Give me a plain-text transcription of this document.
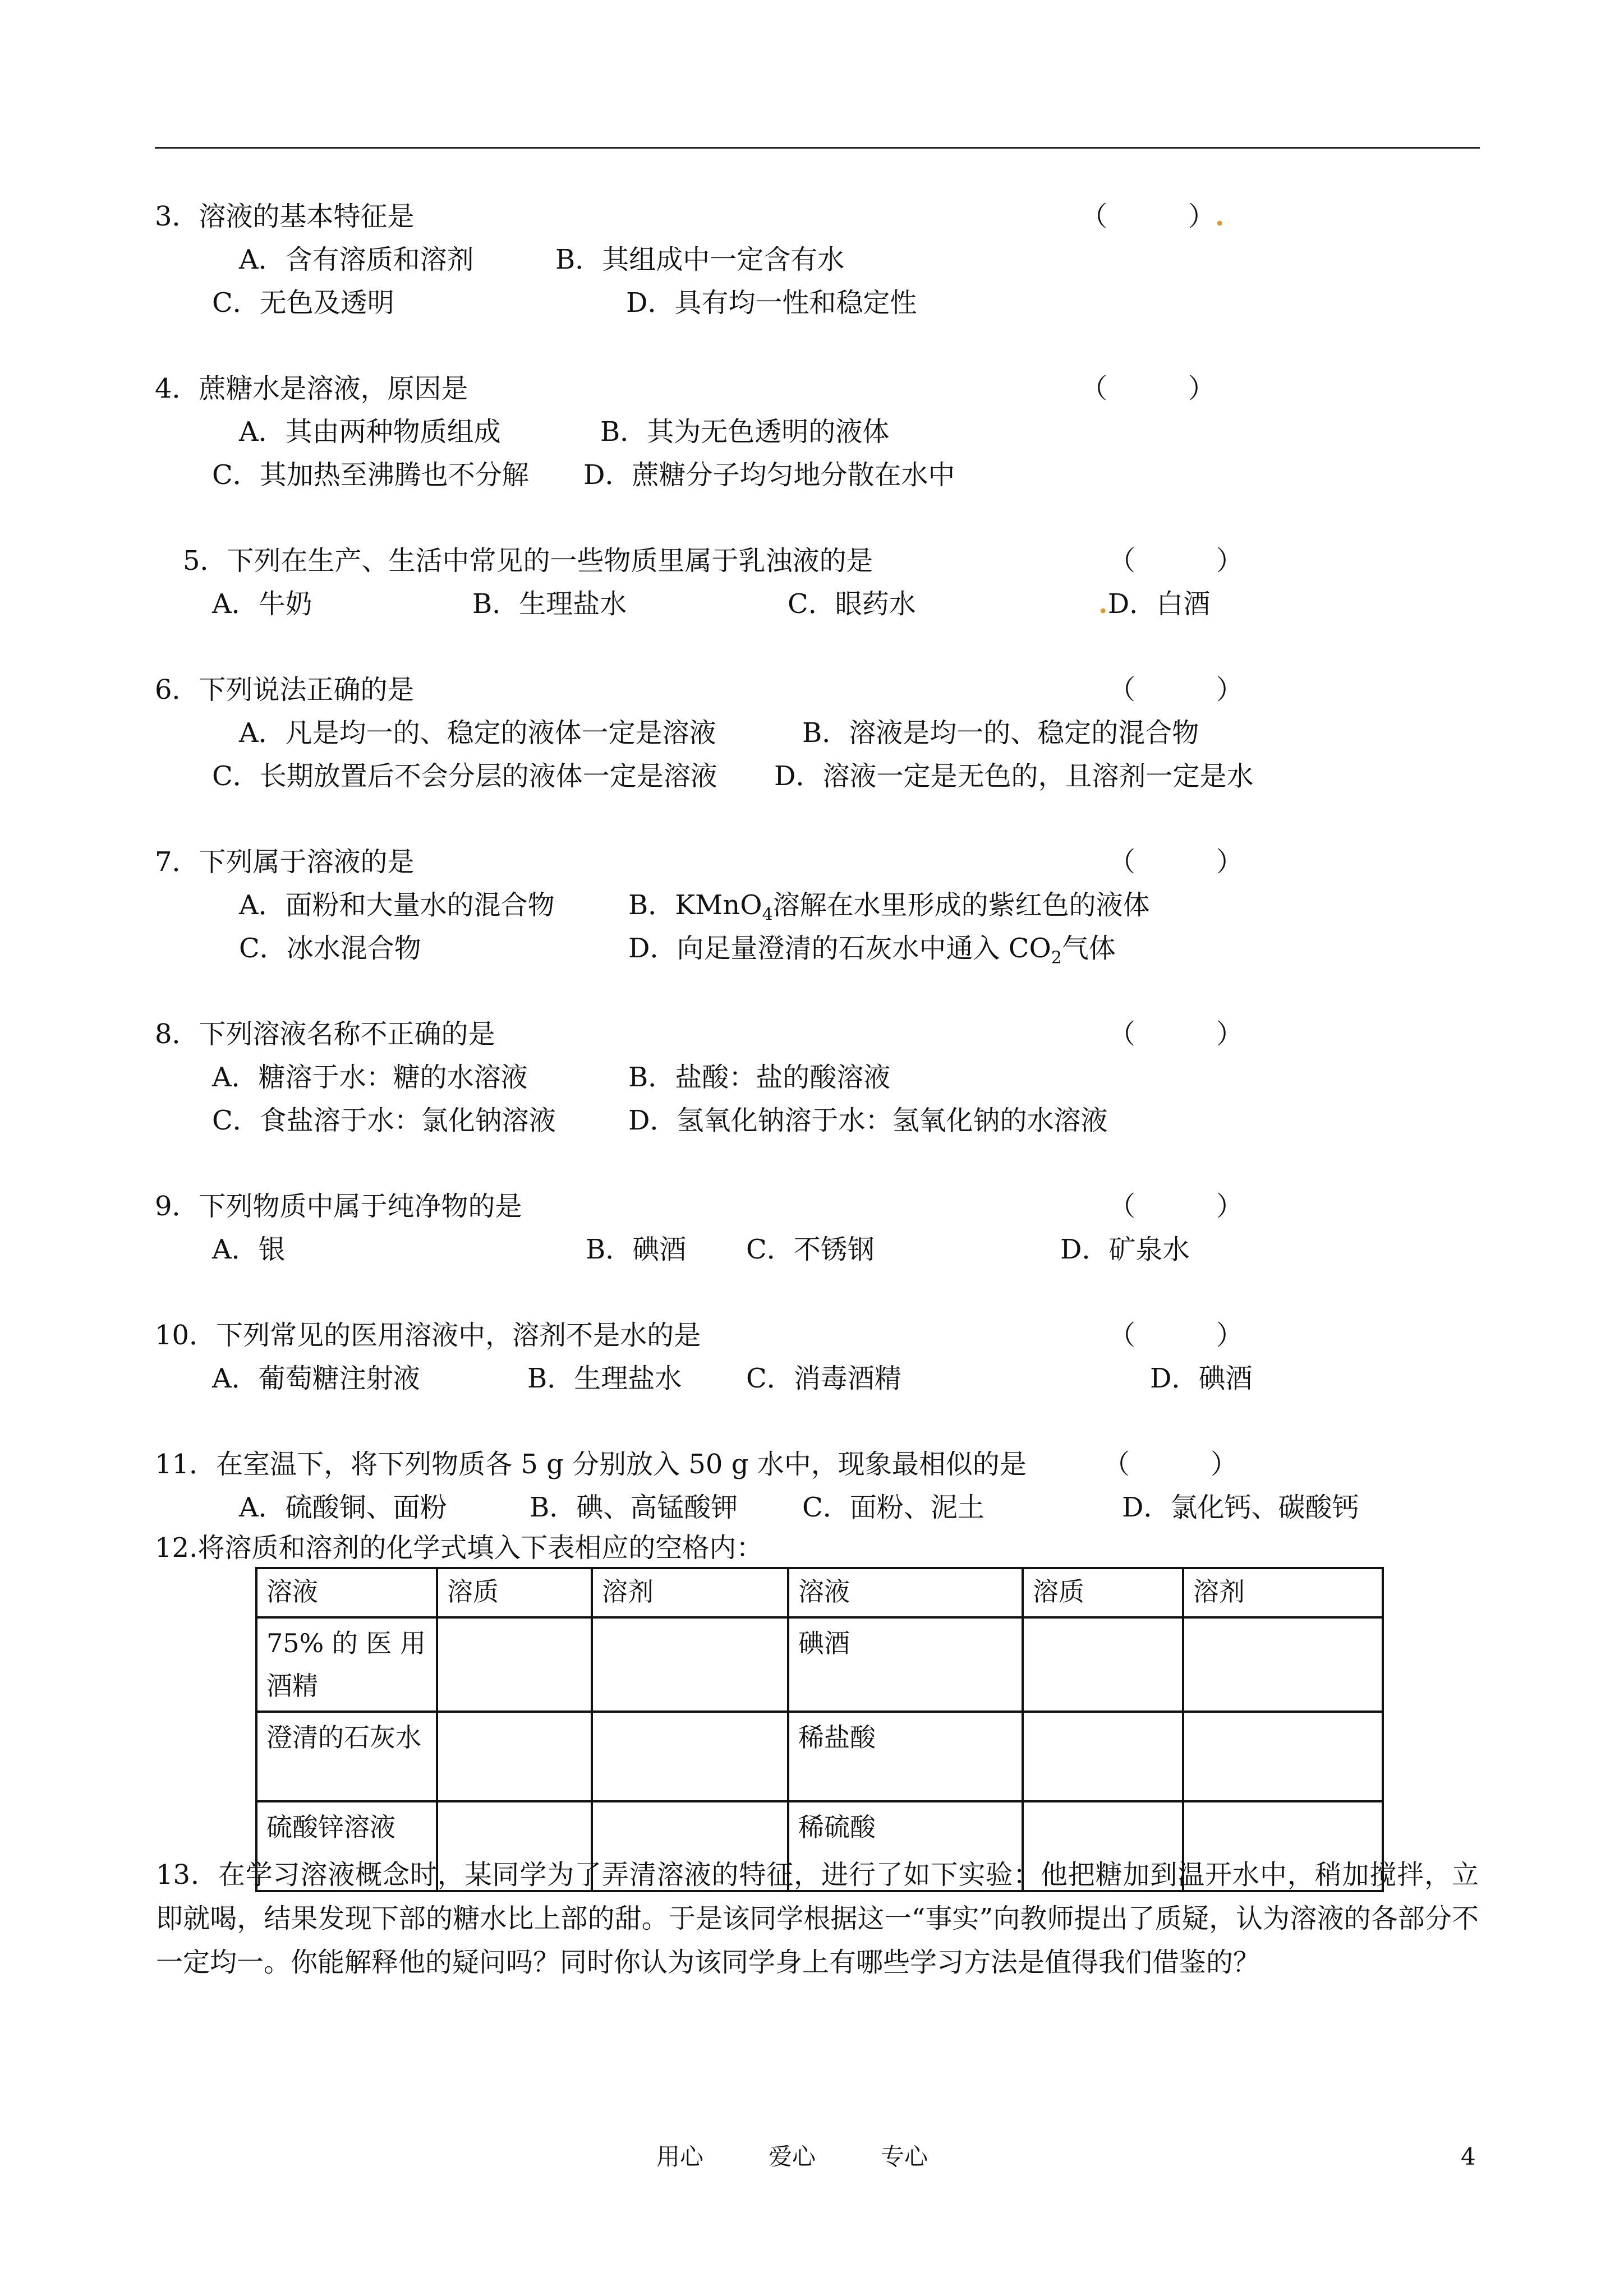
3．溶液的基本特征是	（　　　）.
A．含有溶质和溶剂	B．其组成中一定含有水
C．无色及透明	D．具有均一性和稳定性
4．蔗糖水是溶液，原因是	（　　　）
A．其由两种物质组成	B．其为无色透明的液体
C．其加热至沸腾也不分解 D．蔗糖分子均匀地分散在水中
5．下列在生产、生活中常见的一些物质里属于乳浊液的是	（　　　）
A．牛奶	B．生理盐水	C．眼药水	.D．白酒
6．下列说法正确的是	（　　　）
A．凡是均一的、稳定的液体一定是溶液	B．溶液是均一的、稳定的混合物
C．长期放置后不会分层的液体一定是溶液 D．溶液一定是无色的，且溶剂一定是水
7．下列属于溶液的是	（　　　）
A．面粉和大量水的混合物	B．KMnO$_4$溶解在水里形成的紫红色的液体
C．冰水混合物	D．向足量澄清的石灰水中通入 $CO_2$气体
8．下列溶液名称不正确的是	（　　　）
A．糖溶于水：糖的水溶液	B．盐酸：盐的酸溶液
C．食盐溶于水：氯化钠溶液	D．氢氧化钠溶于水：氢氧化钠的水溶液
9．下列物质中属于纯净物的是	（　　　）
A．银	B．碘酒 C．不锈钢	D．矿泉水
10．下列常见的医用溶液中，溶剂不是水的是	（　　　）
A．葡萄糖注射液	B．生理盐水 C．消毒酒精	D．碘酒
11．在室温下，将下列物质各 5 g 分别放入 50 g 水中，现象最相似的是	（　　　）
A．硫酸铜、面粉	B．碘、高锰酸钾 C．面粉、泥土	D．氯化钙、碳酸钙
12.将溶质和溶剂的化学式填入下表相应的空格内：
溶液	溶质	溶剂	溶液	溶质	溶剂
75% 的 医 用 酒精			碘酒		
澄清的石灰水			稀盐酸		
硫酸锌溶液			稀硫酸		
13．在学习溶液概念时，某同学为了弄清溶液的特征，进行了如下实验：他把糖加到温开水中，稍加搅拌，立即就喝，结果发现下部的糖水比上部的甜。于是该同学根据这一“事实”向教师提出了质疑，认为溶液的各部分不一定均一。你能解释他的疑问吗？同时你认为该同学身上有哪些学习方法是值得我们借鉴的？
用心	爱心	专心	4
